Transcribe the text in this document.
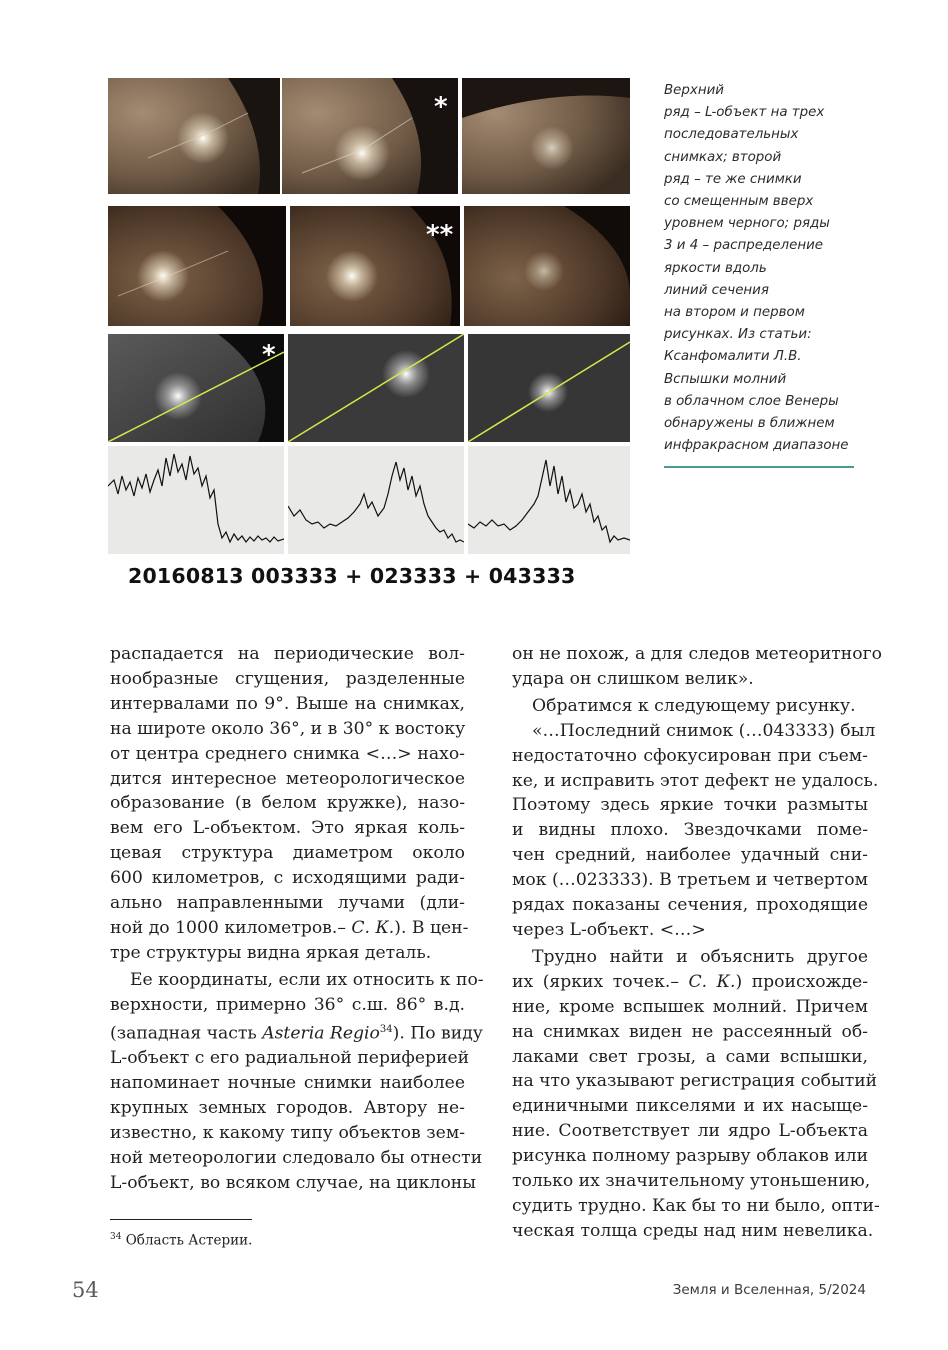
*
**
*
20160813 003333 + 023333 + 043333
Верхний
ряд – L-объект на трех
последовательных
снимках; второй
ряд – те же снимки
со смещенным вверх
уровнем черного; ряды
3 и 4 – распределение
яркости вдоль
линий сечения
на втором и первом
рисунках. Из статьи:
Ксанфомалити Л.В.
Вспышки молний
в облачном слое Венеры
обнаружены в ближнем
инфракрасном диапазоне
распадается на периодические вол-
нообразные сгущения, разделенные
интервалами по 9°. Выше на снимках,
на широте около 36°, и в 30° к востоку
от центра среднего снимка <…> нахо-
дится интересное метеорологическое
образование (в белом кружке), назо-
вем его L-объектом. Это яркая коль-
цевая структура диаметром около
600 километров, с исходящими ради-
ально направленными лучами (дли-
ной до 1000 километров.– С. К.). В цен-
тре структуры видна яркая деталь.
Ее координаты, если их относить к по-
верхности, примерно 36° с.ш. 86° в.д.
(западная часть Asteria Regio$^{34}$). По виду
L-объект с его радиальной периферией
напоминает ночные снимки наиболее
крупных земных городов. Автору не-
известно, к какому типу объектов зем-
ной метеорологии следовало бы отнести
L-объект, во всяком случае, на циклоны
он не похож, а для следов метеоритного
удара он слишком велик».
Обратимся к следующему рисунку.
«…Последний снимок (…043333) был
недостаточно сфокусирован при съем-
ке, и исправить этот дефект не удалось.
Поэтому здесь яркие точки размыты
и видны плохо. Звездочками поме-
чен средний, наиболее удачный сни-
мок (…023333). В третьем и четвертом
рядах показаны сечения, проходящие
через L-объект. <…>
Трудно найти и объяснить другое
их (ярких точек.– С. К.) происхожде-
ние, кроме вспышек молний. Причем
на снимках виден не рассеянный об-
лаками свет грозы, а сами вспышки,
на что указывают регистрация событий
единичными пикселями и их насыще-
ние. Соответствует ли ядро L-объекта
рисунка полному разрыву облаков или
только их значительному утоньшению,
судить трудно. Как бы то ни было, опти-
ческая толща среды над ним невелика.
$^{34}$ Область Астерии.
54	Земля и Вселенная, 5/2024
